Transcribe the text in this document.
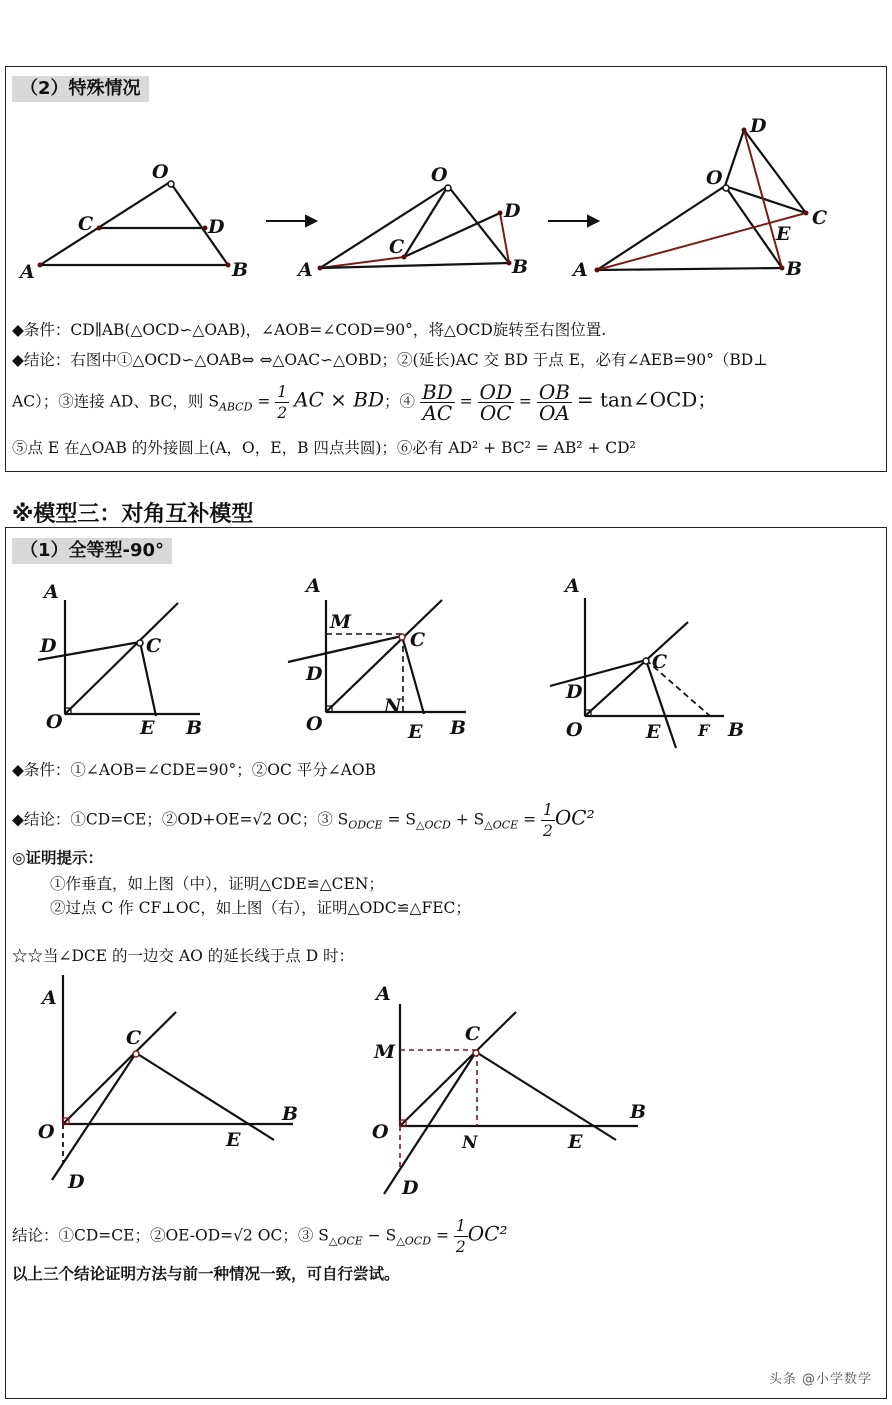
（2）特殊情况
O
C	D
A	B
O
C
D
A	B
D
O
C
E
A	B
◆条件：CD∥AB(△OCD∽△OAB)，∠AOB=∠COD=90°，将△OCD旋转至右图位置.
◆结论：右图中①△OCD∽△OAB⇔ ⇔△OAC∽△OBD；②(延长)AC 交 BD 于点 E，必有∠AEB=90°（BD⊥
AC）；③连接 AD、BC，则 $S_{ABCD} = \frac{1}{2}$ AC × BD；④ $\frac{BD}{AC} = \frac{OD}{OC} = \frac{OB}{OA}$ = tan∠OCD；
⑤点 E 在△OAB 的外接圆上(A，O，E，B 四点共圆)；⑥必有 AD² + BC² = AB² + CD²
※模型三：对角互补模型
（1）全等型-90°
A
D	C
O	E B
A
M
C
D
N
O	E B
A
C
D
O	E F B
◆条件：①∠AOB=∠CDE=90°；②OC 平分∠AOB
◆结论：①CD=CE；②OD+OE=√2 OC；③ $S_{ODCE} = S_{\triangle OCD} + S_{\triangle OCE} = \frac{1}{2} OC^2$
◎证明提示：
①作垂直，如上图（中），证明△CDE≌△CEN；
②过点 C 作 CF⊥OC，如上图（右），证明△ODC≌△FEC；
☆☆当∠DCE 的一边交 AO 的延长线于点 D 时：
A
C
B
O	E
D
A
M
C
B
O	N	E
D
结论：①CD=CE；②OE-OD=√2 OC；③ $S_{\triangle OCE} - S_{\triangle OCD} = \frac{1}{2} OC^2$
以上三个结论证明方法与前一种情况一致，可自行尝试。
头条 @小学数学
